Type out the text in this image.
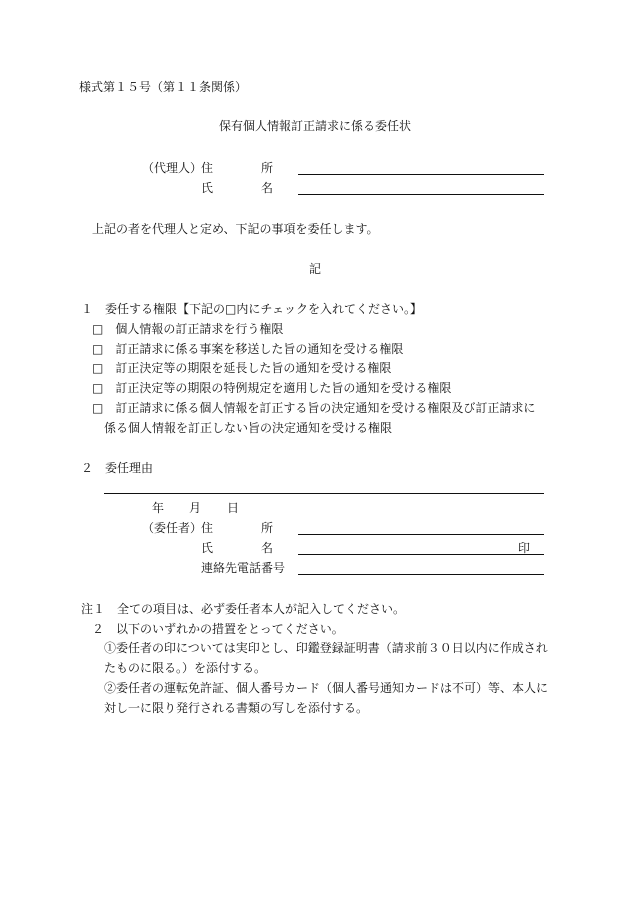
様式第１５号（第１１条関係）
保有個人情報訂正請求に係る委任状
（代理人）
住　　　　所
氏　　　　名
上記の者を代理人と定め、下記の事項を委任します。
記
１　委任する権限【下記の□内にチェックを入れてください。】
□　個人情報の訂正請求を行う権限
□　訂正請求に係る事案を移送した旨の通知を受ける権限
□　訂正決定等の期限を延長した旨の通知を受ける権限
□　訂正決定等の期限の特例規定を適用した旨の通知を受ける権限
□　訂正請求に係る個人情報を訂正する旨の決定通知を受ける権限及び訂正請求に
係る個人情報を訂正しない旨の決定通知を受ける権限
２　委任理由
年 月 日
（委任者）
住　　　　所
氏　　　　名	印
連絡先電話番号
注１　全ての項目は、必ず委任者本人が記入してください。
２　以下のいずれかの措置をとってください。
①委任者の印については実印とし、印鑑登録証明書（請求前３０日以内に作成され
たものに限る。）を添付する。
②委任者の運転免許証、個人番号カード（個人番号通知カードは不可）等、本人に
対し一に限り発行される書類の写しを添付する。
